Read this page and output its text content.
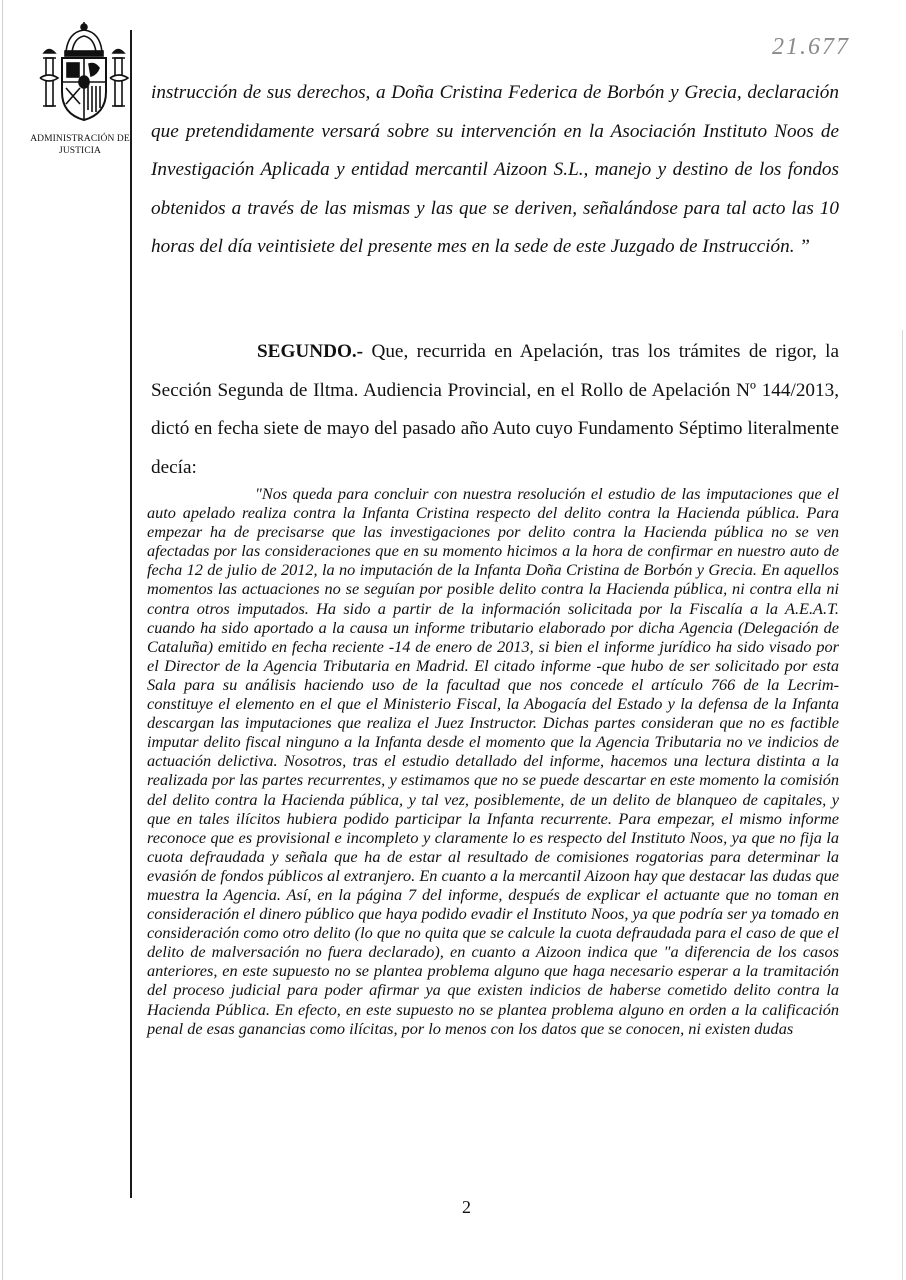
ADMINISTRACIÓN DE JUSTICIA
21.677

instrucción de sus derechos, a Doña Cristina Federica de Borbón y Grecia, declaración que pretendidamente versará sobre su intervención en la Asociación Instituto Noos de Investigación Aplicada y entidad mercantil Aizoon S.L., manejo y destino de los fondos obtenidos a través de las mismas y las que se deriven, señalándose para tal acto las 10 horas del día veintisiete del presente mes en la sede de este Juzgado de Instrucción. ”

SEGUNDO.- Que, recurrida en Apelación, tras los trámites de rigor, la Sección Segunda de Iltma. Audiencia Provincial, en el Rollo de Apelación Nº 144/2013, dictó en fecha siete de mayo del pasado año Auto cuyo Fundamento Séptimo literalmente decía:

"Nos queda para concluir con nuestra resolución el estudio de las imputaciones que el auto apelado realiza contra la Infanta Cristina respecto del delito contra la Hacienda pública. Para empezar ha de precisarse que las investigaciones por delito contra la Hacienda pública no se ven afectadas por las consideraciones que en su momento hicimos a la hora de confirmar en nuestro auto de fecha 12 de julio de 2012, la no imputación de la Infanta Doña Cristina de Borbón y Grecia. En aquellos momentos las actuaciones no se seguían por posible delito contra la Hacienda pública, ni contra ella ni contra otros imputados. Ha sido a partir de la información solicitada por la Fiscalía a la A.E.A.T. cuando ha sido aportado a la causa un informe tributario elaborado por dicha Agencia (Delegación de Cataluña) emitido en fecha reciente -14 de enero de 2013, si bien el informe jurídico ha sido visado por el Director de la Agencia Tributaria en Madrid. El citado informe -que hubo de ser solicitado por esta Sala para su análisis haciendo uso de la facultad que nos concede el artículo 766 de la Lecrim- constituye el elemento en el que el Ministerio Fiscal, la Abogacía del Estado y la defensa de la Infanta descargan las imputaciones que realiza el Juez Instructor. Dichas partes consideran que no es factible imputar delito fiscal ninguno a la Infanta desde el momento que la Agencia Tributaria no ve indicios de actuación delictiva. Nosotros, tras el estudio detallado del informe, hacemos una lectura distinta a la realizada por las partes recurrentes, y estimamos que no se puede descartar en este momento la comisión del delito contra la Hacienda pública, y tal vez, posiblemente, de un delito de blanqueo de capitales, y que en tales ilícitos hubiera podido participar la Infanta recurrente. Para empezar, el mismo informe reconoce que es provisional e incompleto y claramente lo es respecto del Instituto Noos, ya que no fija la cuota defraudada y señala que ha de estar al resultado de comisiones rogatorias para determinar la evasión de fondos públicos al extranjero. En cuanto a la mercantil Aizoon hay que destacar las dudas que muestra la Agencia. Así, en la página 7 del informe, después de explicar el actuante que no toman en consideración el dinero público que haya podido evadir el Instituto Noos, ya que podría ser ya tomado en consideración como otro delito (lo que no quita que se calcule la cuota defraudada para el caso de que el delito de malversación no fuera declarado), en cuanto a Aizoon indica que "a diferencia de los casos anteriores, en este supuesto no se plantea problema alguno que haga necesario esperar a la tramitación del proceso judicial para poder afirmar ya que existen indicios de haberse cometido delito contra la Hacienda Pública. En efecto, en este supuesto no se plantea problema alguno en orden a la calificación penal de esas ganancias como ilícitas, por lo menos con los datos que se conocen, ni existen dudas

2
